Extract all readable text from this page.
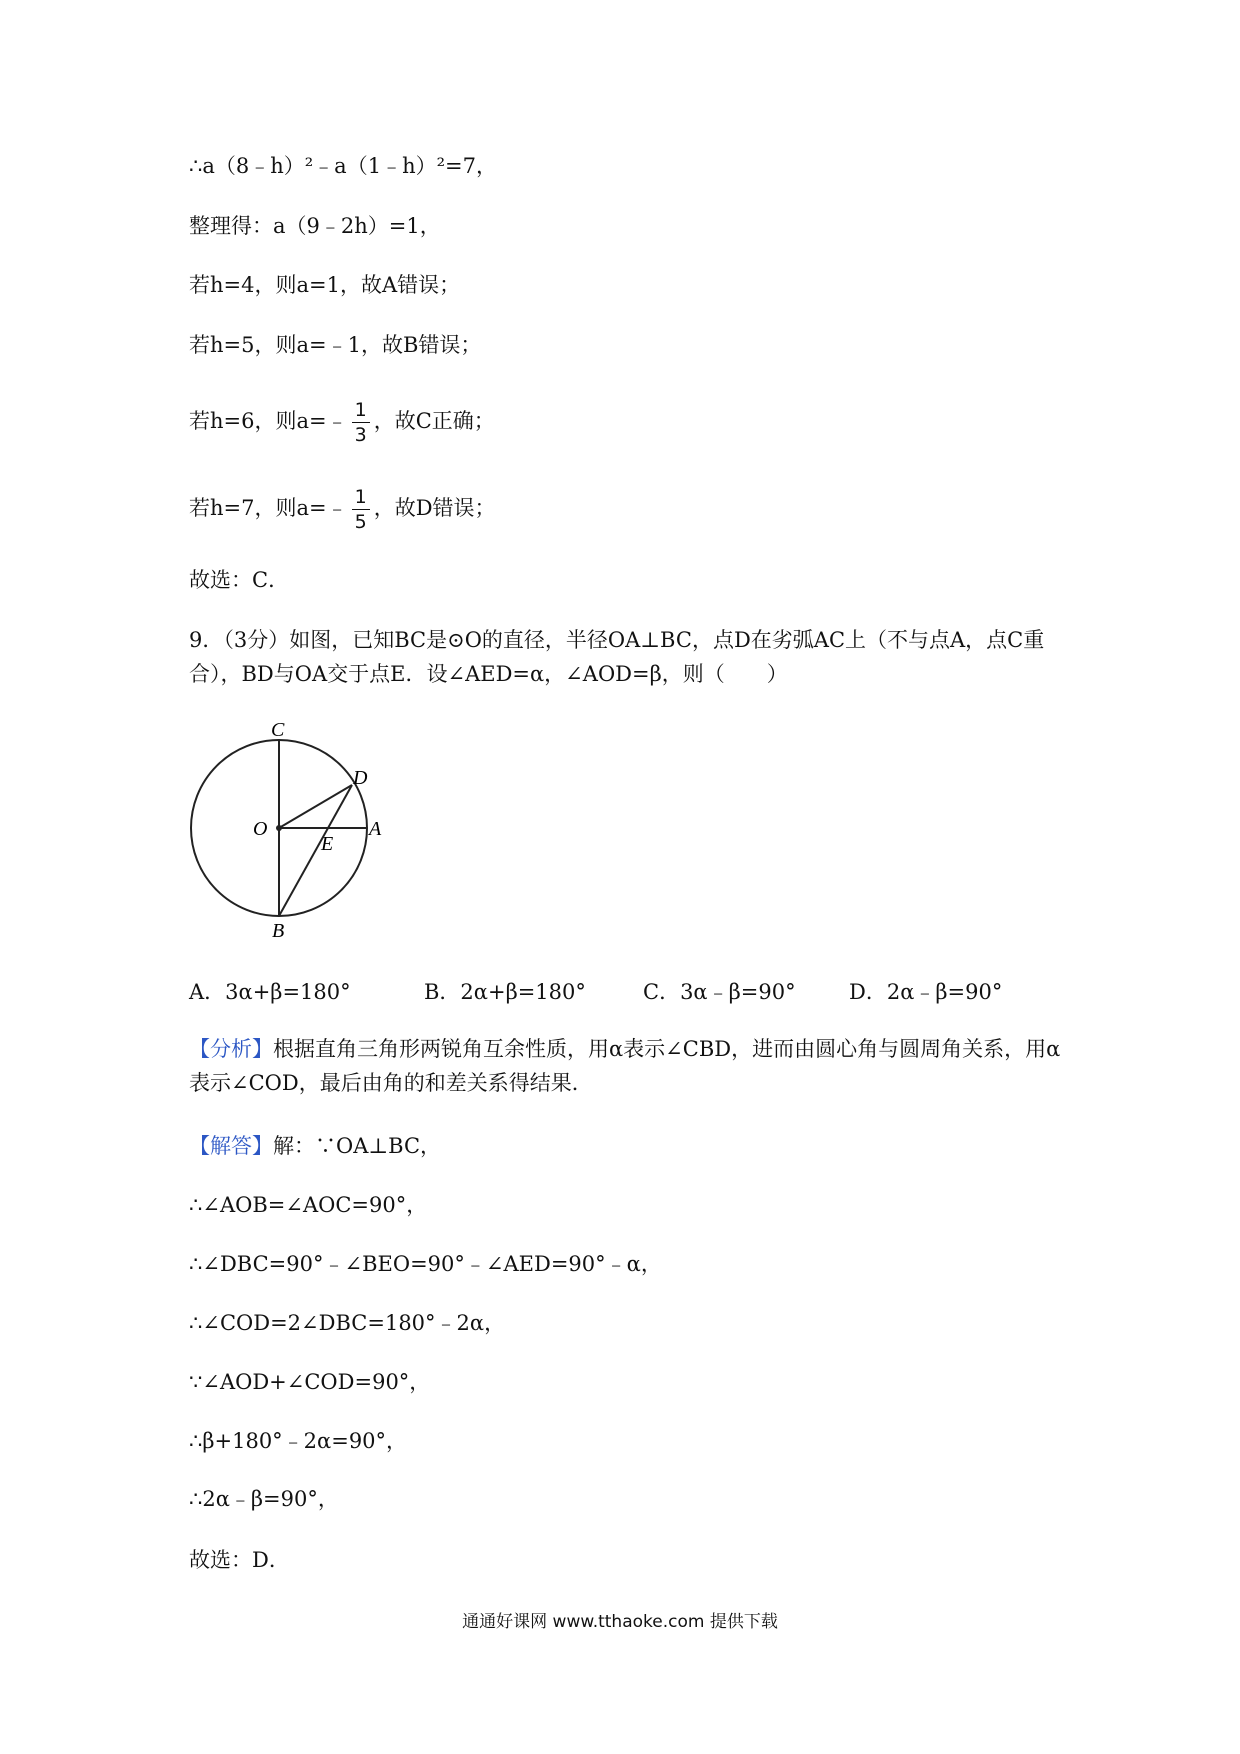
∴a（8﹣h）²﹣a（1﹣h）²=7，
整理得：a（9﹣2h）=1，
若h=4，则a=1，故A错误；
若h=5，则a=﹣1，故B错误；
若h=6，则a=﹣ $\frac{1}{3}$ ，故C正确；
若h=7，则a=﹣ $\frac{1}{5}$ ，故D错误；
故选：C．
9．（3分）如图，已知BC是⊙O的直径，半径OA⊥BC，点D在劣弧AC上（不与点A，点C重合），BD与OA交于点E．设∠AED=α，∠AOD=β，则（　　）
C
D
O	A
E
B
A．3α+β=180°	B．2α+β=180°	C．3α﹣β=90°	D．2α﹣β=90°
【分析】根据直角三角形两锐角互余性质，用α表示∠CBD，进而由圆心角与圆周角关系，用α表示∠COD，最后由角的和差关系得结果．
【解答】解：∵OA⊥BC，
∴∠AOB=∠AOC=90°，
∴∠DBC=90°﹣∠BEO=90°﹣∠AED=90°﹣α，
∴∠COD=2∠DBC=180°﹣2α，
∵∠AOD+∠COD=90°，
∴β+180°﹣2α=90°，
∴2α﹣β=90°，
故选：D．
通通好课网 www.tthaoke.com 提供下载
